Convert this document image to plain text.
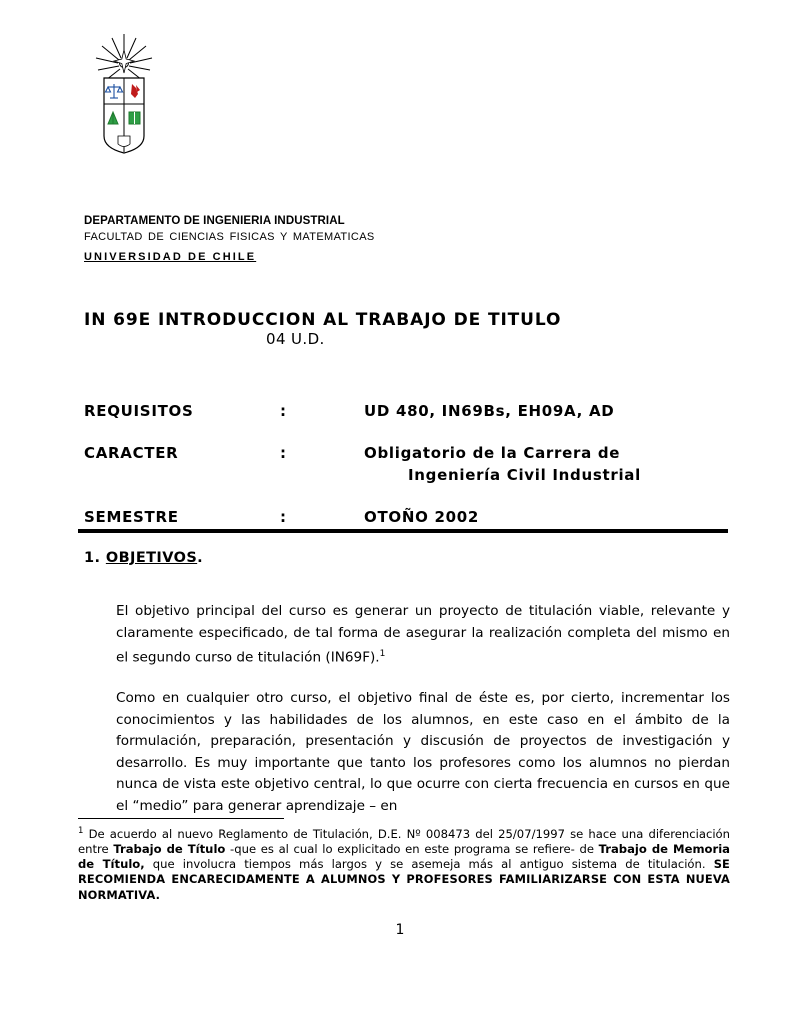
DEPARTAMENTO DE INGENIERIA INDUSTRIAL
FACULTAD DE CIENCIAS FISICAS Y MATEMATICAS
UNIVERSIDAD DE CHILE
IN 69E INTRODUCCION AL TRABAJO DE TITULO
04 U.D.
REQUISITOS	:	UD 480, IN69Bs, EH09A, AD
CARACTER	:	Obligatorio de la Carrera de
Ingeniería Civil Industrial
SEMESTRE	:	OTOÑO 2002
1. OBJETIVOS.

El objetivo principal del curso es generar un proyecto de titulación viable, relevante y claramente especificado, de tal forma de asegurar la realización completa del mismo en el segundo curso de titulación (IN69F).$^1$

Como en cualquier otro curso, el objetivo final de éste es, por cierto, incrementar los conocimientos y las habilidades de los alumnos, en este caso en el ámbito de la formulación, preparación, presentación y discusión de proyectos de investigación y desarrollo. Es muy importante que tanto los profesores como los alumnos no pierdan nunca de vista este objetivo central, lo que ocurre con cierta frecuencia en cursos en que el “medio” para generar aprendizaje – en

$^1$ De acuerdo al nuevo Reglamento de Titulación, D.E. Nº 008473 del 25/07/1997 se hace una diferenciación entre Trabajo de Título -que es al cual lo explicitado en este programa se refiere- de Trabajo de Memoria de Título, que involucra tiempos más largos y se asemeja más al antiguo sistema de titulación. SE RECOMIENDA ENCARECIDAMENTE A ALUMNOS Y PROFESORES FAMILIARIZARSE CON ESTA NUEVA NORMATIVA.
1
